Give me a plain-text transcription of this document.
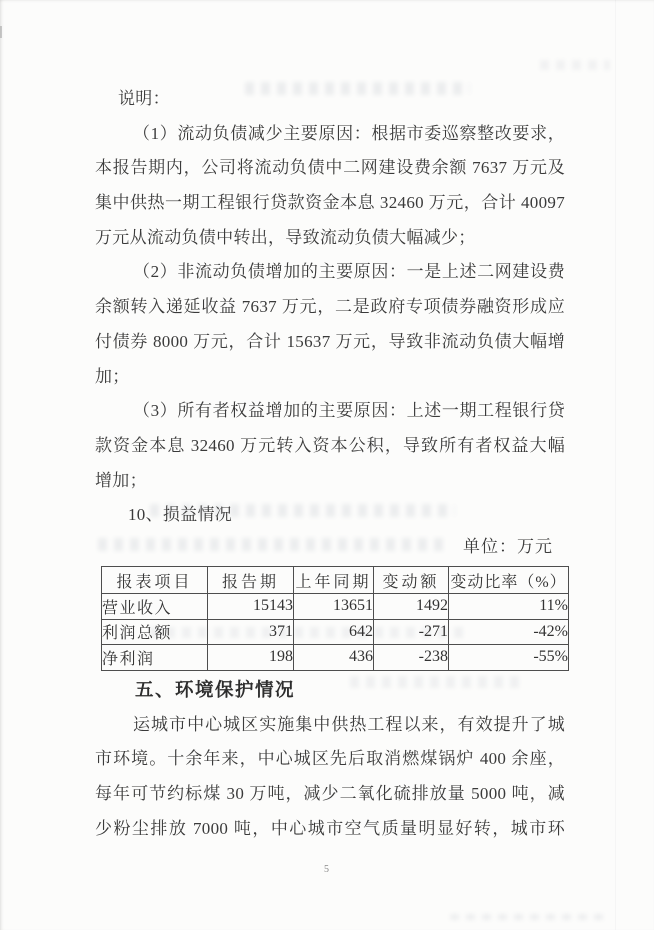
说明：
（1）流动负债减少主要原因：根据市委巡察整改要求，
本报告期内，公司将流动负债中二网建设费余额 7637 万元及
集中供热一期工程银行贷款资金本息 32460 万元，合计 40097
万元从流动负债中转出，导致流动负债大幅减少；
（2）非流动负债增加的主要原因：一是上述二网建设费
余额转入递延收益 7637 万元，二是政府专项债券融资形成应
付债券 8000 万元，合计 15637 万元，导致非流动负债大幅增
加；
（3）所有者权益增加的主要原因：上述一期工程银行贷
款资金本息 32460 万元转入资本公积，导致所有者权益大幅
增加；
10、损益情况
单位：万元
报表项目	报告期	上年同期	变动额	变动比率（%）
营业收入	15143	13651	1492	11%
利润总额	371	642	-271	-42%
净利润	198	436	-238	-55%
五、环境保护情况
运城市中心城区实施集中供热工程以来，有效提升了城
市环境。十余年来，中心城区先后取消燃煤锅炉 400 余座，
每年可节约标煤 30 万吨，减少二氧化硫排放量 5000 吨，减
少粉尘排放 7000 吨，中心城市空气质量明显好转，城市环
5
